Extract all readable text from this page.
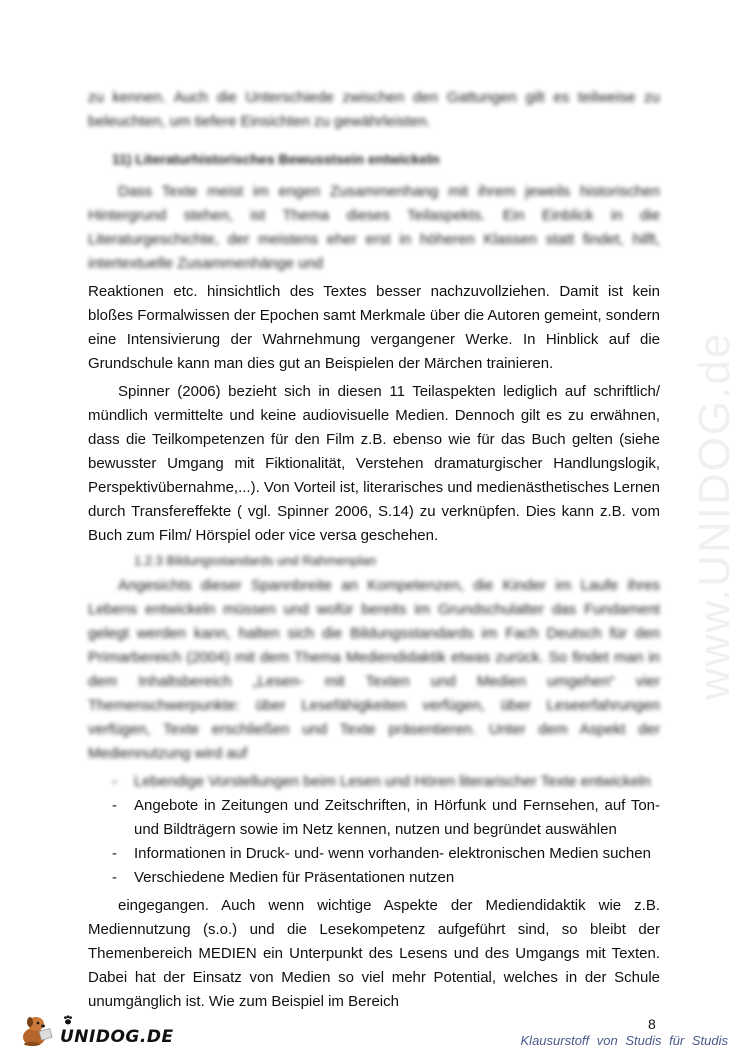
www.UNIDOG.de
zu kennen. Auch die Unterschiede zwischen den Gattungen gilt es teilweise zu beleuchten, um tiefere Einsichten zu gewährleisten.
11) Literaturhistorisches Bewusstsein entwickeln
Dass Texte meist im engen Zusammenhang mit ihrem jeweils historischen Hintergrund stehen, ist Thema dieses Teilaspekts. Ein Einblick in die Literaturgeschichte, der meistens eher erst in höheren Klassen statt findet, hilft, intertextuelle Zusammenhänge und
Reaktionen etc. hinsichtlich des Textes besser nachzuvollziehen. Damit ist kein bloßes Formalwissen der Epochen samt Merkmale über die Autoren gemeint, sondern eine Intensivierung der Wahrnehmung vergangener Werke. In Hinblick auf die Grundschule kann man dies gut an Beispielen der Märchen trainieren.
Spinner (2006) bezieht sich in diesen 11 Teilaspekten lediglich auf schriftlich/ mündlich vermittelte und keine audiovisuelle Medien. Dennoch gilt es zu erwähnen, dass die Teilkompetenzen für den Film z.B. ebenso wie für das Buch gelten (siehe bewusster Umgang mit Fiktionalität, Verstehen dramaturgischer Handlungslogik, Perspektivübernahme,...). Von Vorteil ist, literarisches und medienästhetisches Lernen durch Transfereffekte ( vgl. Spinner 2006, S.14) zu verknüpfen. Dies kann z.B. vom Buch zum Film/ Hörspiel oder vice versa geschehen.
1.2.3 Bildungsstandards und Rahmenplan
Angesichts dieser Spannbreite an Kompetenzen, die Kinder im Laufe ihres Lebens entwickeln müssen und wofür bereits im Grundschulalter das Fundament gelegt werden kann, halten sich die Bildungsstandards im Fach Deutsch für den Primarbereich (2004) mit dem Thema Mediendidaktik etwas zurück. So findet man in dem Inhaltsbereich „Lesen- mit Texten und Medien umgehen“ vier Themenschwerpunkte: über Lesefähigkeiten verfügen, über Leseerfahrungen verfügen, Texte erschließen und Texte präsentieren. Unter dem Aspekt der Mediennutzung wird auf
- Lebendige Vorstellungen beim Lesen und Hören literarischer Texte entwickeln
- Angebote in Zeitungen und Zeitschriften, in Hörfunk und Fernsehen, auf Ton- und Bildträgern sowie im Netz kennen, nutzen und begründet auswählen
- Informationen in Druck- und- wenn vorhanden- elektronischen Medien suchen
- Verschiedene Medien für Präsentationen nutzen
eingegangen. Auch wenn wichtige Aspekte der Mediendidaktik wie z.B. Mediennutzung (s.o.) und die Lesekompetenz aufgeführt sind, so bleibt der Themenbereich MEDIEN ein Unterpunkt des Lesens und des Umgangs mit Texten. Dabei hat der Einsatz von Medien so viel mehr Potential, welches in der Schule unumgänglich ist. Wie zum Beispiel im Bereich
8
UNIDOG.DE	Klausurstoff von Studis für Studis
